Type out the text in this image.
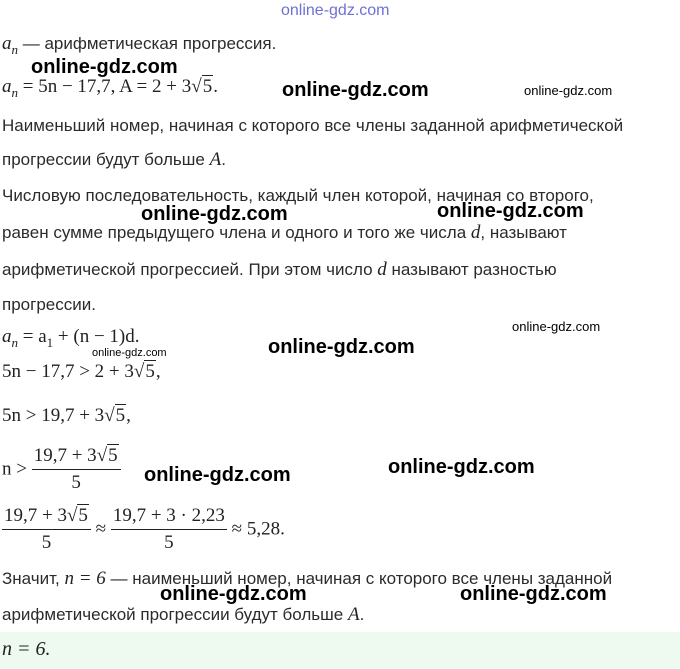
online-gdz.com
$a_n$ — арифметическая прогрессия.
online-gdz.com
$a_n = 5n - 17,7$, A = 2 + 3√5.	online-gdz.com	online-gdz.com
Наименьший номер, начиная с которого все члены заданной арифметической
прогрессии будут больше A.
Числовую последовательность, каждый член которой, начиная со второго,
online-gdz.com	online-gdz.com
равен сумме предыдущего члена и одного и того же числа d, называют
арифметической прогрессией. При этом число d называют разностью
прогрессии.
$a_n = a_1 + (n - 1)d$.	online-gdz.com
online-gdz.com
online-gdz.com
5n − 17,7 > 2 + 3√5,
5n > 19,7 + 3√5,
$n > \frac{19,7 + 3√5}{5}$ online-gdz.com	online-gdz.com
$\frac{19,7 + 3√5}{5} \approx \frac{19,7 + 3 \cdot 2,23}{5} \approx 5,28$.
Значит, n = 6 — наименьший номер, начиная с которого все члены заданной
online-gdz.com	online-gdz.com
арифметической прогрессии будут больше A.
n = 6.
